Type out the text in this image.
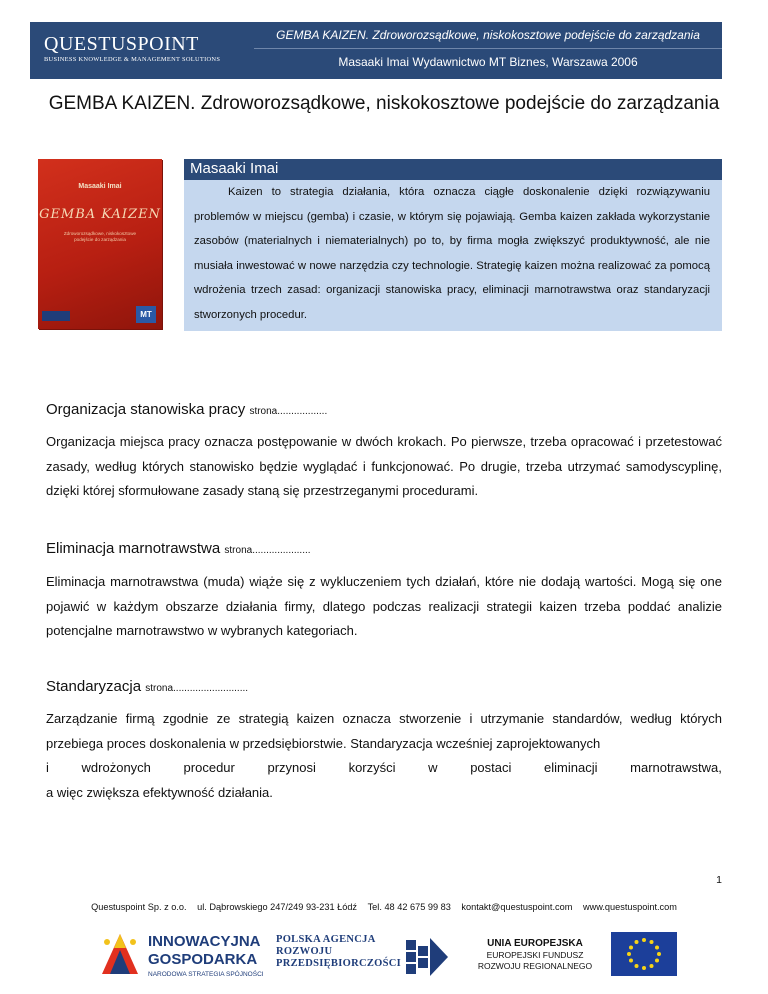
QUESTUSPOINT
BUSINESS KNOWLEDGE & MANAGEMENT SOLUTIONS
GEMBA KAIZEN. Zdroworozsądkowe, niskokosztowe podejście do zarządzania
Masaaki Imai Wydawnictwo MT Biznes, Warszawa 2006
GEMBA KAIZEN. Zdroworozsądkowe, niskokosztowe podejście do zarządzania
Masaaki Imai
GEMBA KAIZEN
Zdroworozsądkowe, niskokosztowe podejście do zarządzania
MT
Masaaki Imai

Kaizen to strategia działania, która oznacza ciągłe doskonalenie dzięki rozwiązywaniu problemów w miejscu (gemba) i czasie, w którym się pojawiają. Gemba kaizen zakłada wykorzystanie zasobów (materialnych i niematerialnych) po to, by firma mogła zwiększyć produktywność, ale nie musiała inwestować w nowe narzędzia czy technologie. Strategię kaizen można realizować za pomocą wdrożenia trzech zasad: organizacji stanowiska pracy, eliminacji marnotrawstwa oraz standaryzacji stworzonych procedur.

Organizacja stanowiska pracy strona..................

Organizacja miejsca pracy oznacza postępowanie w dwóch krokach. Po pierwsze, trzeba opracować i przetestować zasady, według których stanowisko będzie wyglądać i funkcjonować. Po drugie, trzeba utrzymać samodyscyplinę, dzięki której sformułowane zasady staną się przestrzeganymi procedurami.

Eliminacja marnotrawstwa strona.....................

Eliminacja marnotrawstwa (muda) wiąże się z wykluczeniem tych działań, które nie dodają wartości. Mogą się one pojawić w każdym obszarze działania firmy, dlatego podczas realizacji strategii kaizen trzeba poddać analizie potencjalne marnotrawstwo w wybranych kategoriach.

Standaryzacja strona...........................

Zarządzanie firmą zgodnie ze strategią kaizen oznacza stworzenie i utrzymanie standardów, według których przebiega proces doskonalenia w przedsiębiorstwie. Standaryzacja wcześniej zaprojektowanych

i	wdrożonych	procedur	przynosi	korzyści	w	postaci	eliminacji	marnotrawstwa,

a więc zwiększa efektywność działania.

1
Questuspoint Sp. z o.o. ul. Dąbrowskiego 247/249 93-231 Łódź Tel. 48 42 675 99 83 kontakt@questuspoint.com www.questuspoint.com
INNOWACYJNA
GOSPODARKA
NARODOWA STRATEGIA SPÓJNOŚCI
POLSKA AGENCJA
ROZWOJU
PRZEDSIĘBIORCZOŚCI
UNIA EUROPEJSKA
EUROPEJSKI FUNDUSZ
ROZWOJU REGIONALNEGO
